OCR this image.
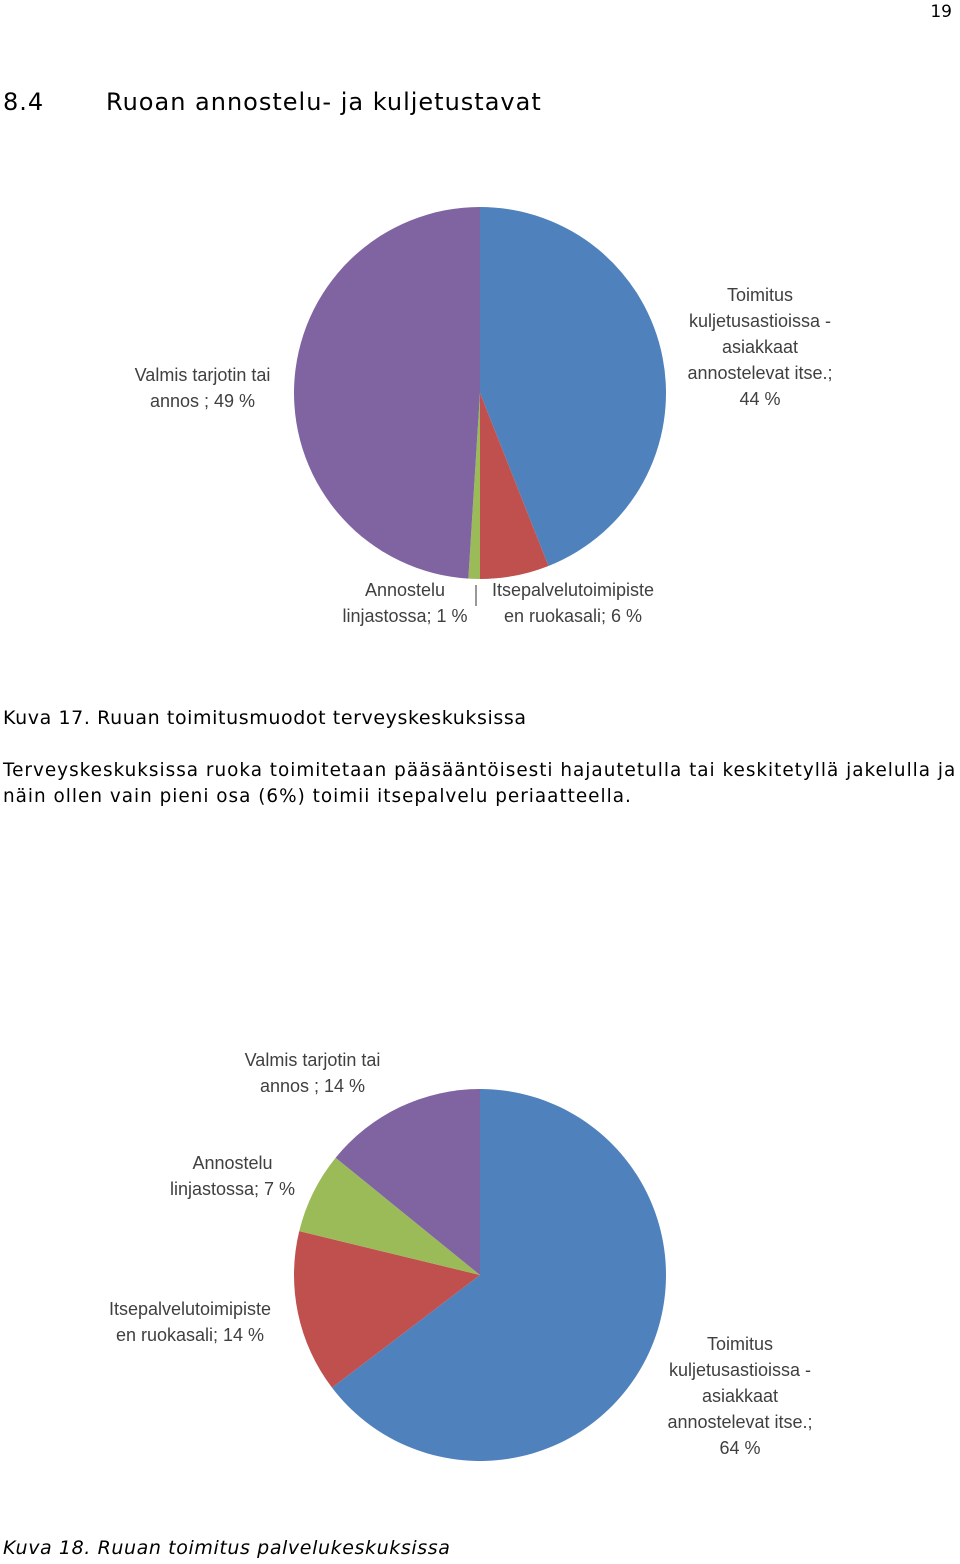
19
8.4	Ruoan annostelu- ja kuljetustavat
Valmis tarjotin tai
annos ; 49 %
Toimitus
kuljetusastioissa -
asiakkaat
annostelevat itse.;
44 %
Annostelu
linjastossa; 1 %
Itsepalvelutoimipiste
en ruokasali; 6 %
Kuva 17. Ruuan toimitusmuodot terveyskeskuksissa
Terveyskeskuksissa ruoka toimitetaan pääsääntöisesti hajautetulla tai keskitetyllä jakelulla ja näin ollen vain pieni osa (6%) toimii itsepalvelu periaatteella.
Valmis tarjotin tai
annos ; 14 %
Annostelu
linjastossa; 7 %
Itsepalvelutoimipiste
en ruokasali; 14 %	Toimitus
kuljetusastioissa -
asiakkaat
annostelevat itse.;
64 %
Kuva 18. Ruuan toimitus palvelukeskuksissa
